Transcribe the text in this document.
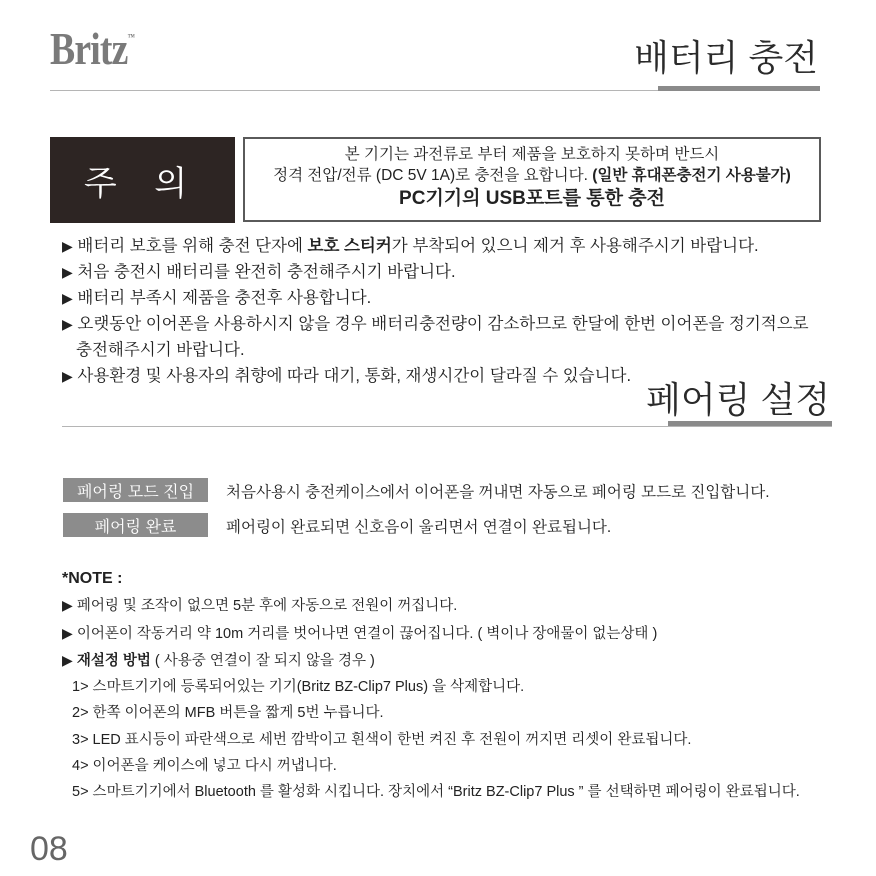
Britz™	배터리 충전
주 의
본 기기는 과전류로 부터 제품을 보호하지 못하며 반드시
정격 전압/전류 (DC 5V 1A)로 충전을 요합니다. (일반 휴대폰충전기 사용불가)
PC기기의 USB포트를 통한 충전
▶ 배터리 보호를 위해 충전 단자에 보호 스티커가 부착되어 있으니 제거 후 사용해주시기 바랍니다.
▶ 처음 충전시 배터리를 완전히 충전해주시기 바랍니다.
▶ 배터리 부족시 제품을 충전후 사용합니다.
▶ 오랫동안 이어폰을 사용하시지 않을 경우 배터리충전량이 감소하므로 한달에 한번 이어폰을 정기적으로
충전해주시기 바랍니다.
▶ 사용환경 및 사용자의 취향에 따라 대기, 통화, 재생시간이 달라질 수 있습니다.
페어링 설정
페어링 모드 진입	처음사용시 충전케이스에서 이어폰을 꺼내면 자동으로 페어링 모드로 진입합니다.
페어링 완료	페어링이 완료되면 신호음이 울리면서 연결이 완료됩니다.
*NOTE :
▶ 페어링 및 조작이 없으면 5분 후에 자동으로 전원이 꺼집니다.
▶ 이어폰이 작동거리 약 10m 거리를 벗어나면 연결이 끊어집니다. ( 벽이나 장애물이 없는상태 )
▶ 재설정 방법 ( 사용중 연결이 잘 되지 않을 경우 )
1> 스마트기기에 등록되어있는 기기(Britz BZ-Clip7 Plus) 을 삭제합니다.
2> 한쪽 이어폰의 MFB 버튼을 짧게 5번 누릅니다.
3> LED 표시등이 파란색으로 세번 깜박이고 흰색이 한번 켜진 후 전원이 꺼지면 리셋이 완료됩니다.
4> 이어폰을 케이스에 넣고 다시 꺼냅니다.
5> 스마트기기에서 Bluetooth 를 활성화 시킵니다. 장치에서 “Britz BZ-Clip7 Plus ” 를 선택하면 페어링이 완료됩니다.
08
